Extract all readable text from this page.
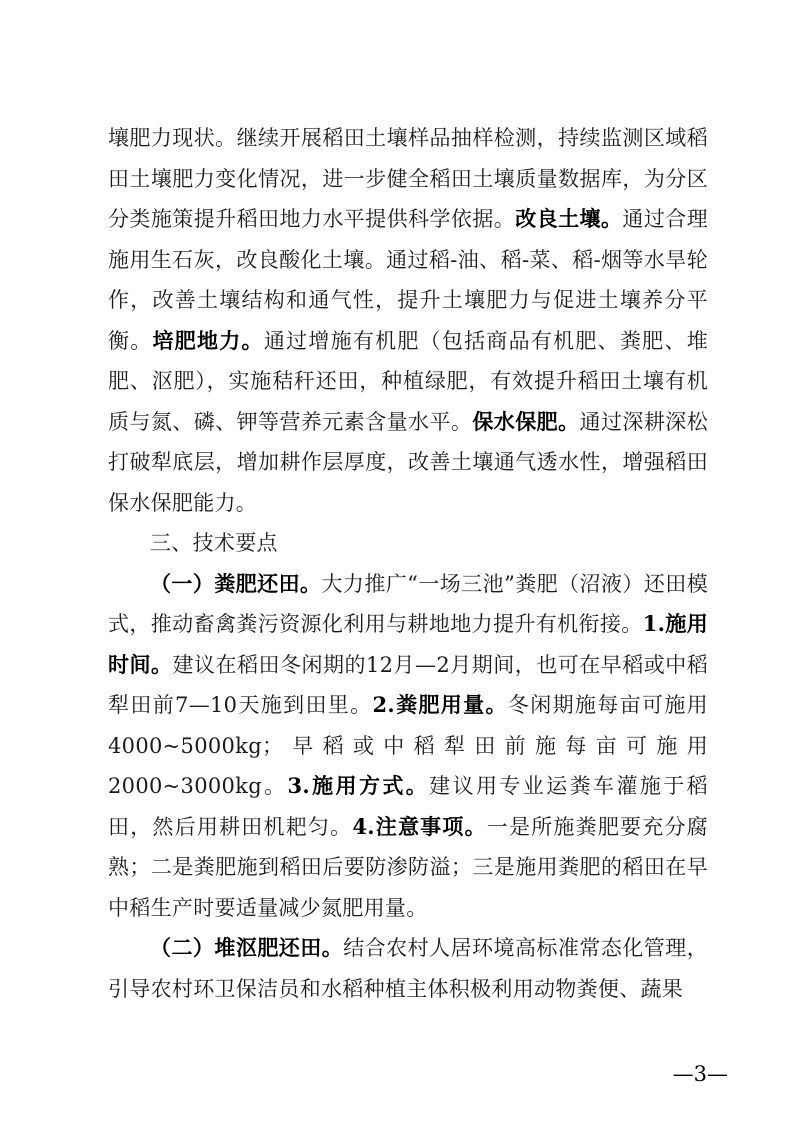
壤肥力现状。继续开展稻田土壤样品抽样检测，持续监测区域稻田土壤肥力变化情况，进一步健全稻田土壤质量数据库，为分区分类施策提升稻田地力水平提供科学依据。改良土壤。通过合理施用生石灰，改良酸化土壤。通过稻-油、稻-菜、稻-烟等水旱轮作，改善土壤结构和通气性，提升土壤肥力与促进土壤养分平衡。培肥地力。通过增施有机肥（包括商品有机肥、粪肥、堆肥、沤肥），实施秸秆还田，种植绿肥，有效提升稻田土壤有机质与氮、磷、钾等营养元素含量水平。保水保肥。通过深耕深松打破犁底层，增加耕作层厚度，改善土壤通气透水性，增强稻田保水保肥能力。

三、技术要点

（一）粪肥还田。大力推广“一场三池”粪肥（沼液）还田模式，推动畜禽粪污资源化利用与耕地地力提升有机衔接。1.施用时间。建议在稻田冬闲期的12月—2月期间，也可在早稻或中稻犁田前7—10天施到田里。2.粪肥用量。冬闲期施每亩可施用4000~5000kg；早稻或中稻犁田前施每亩可施用2000~3000kg。3.施用方式。建议用专业运粪车灌施于稻田，然后用耕田机耙匀。4.注意事项。一是所施粪肥要充分腐熟；二是粪肥施到稻田后要防渗防溢；三是施用粪肥的稻田在早中稻生产时要适量减少氮肥用量。

（二）堆沤肥还田。结合农村人居环境高标准常态化管理，引导农村环卫保洁员和水稻种植主体积极利用动物粪便、蔬果

—3—
